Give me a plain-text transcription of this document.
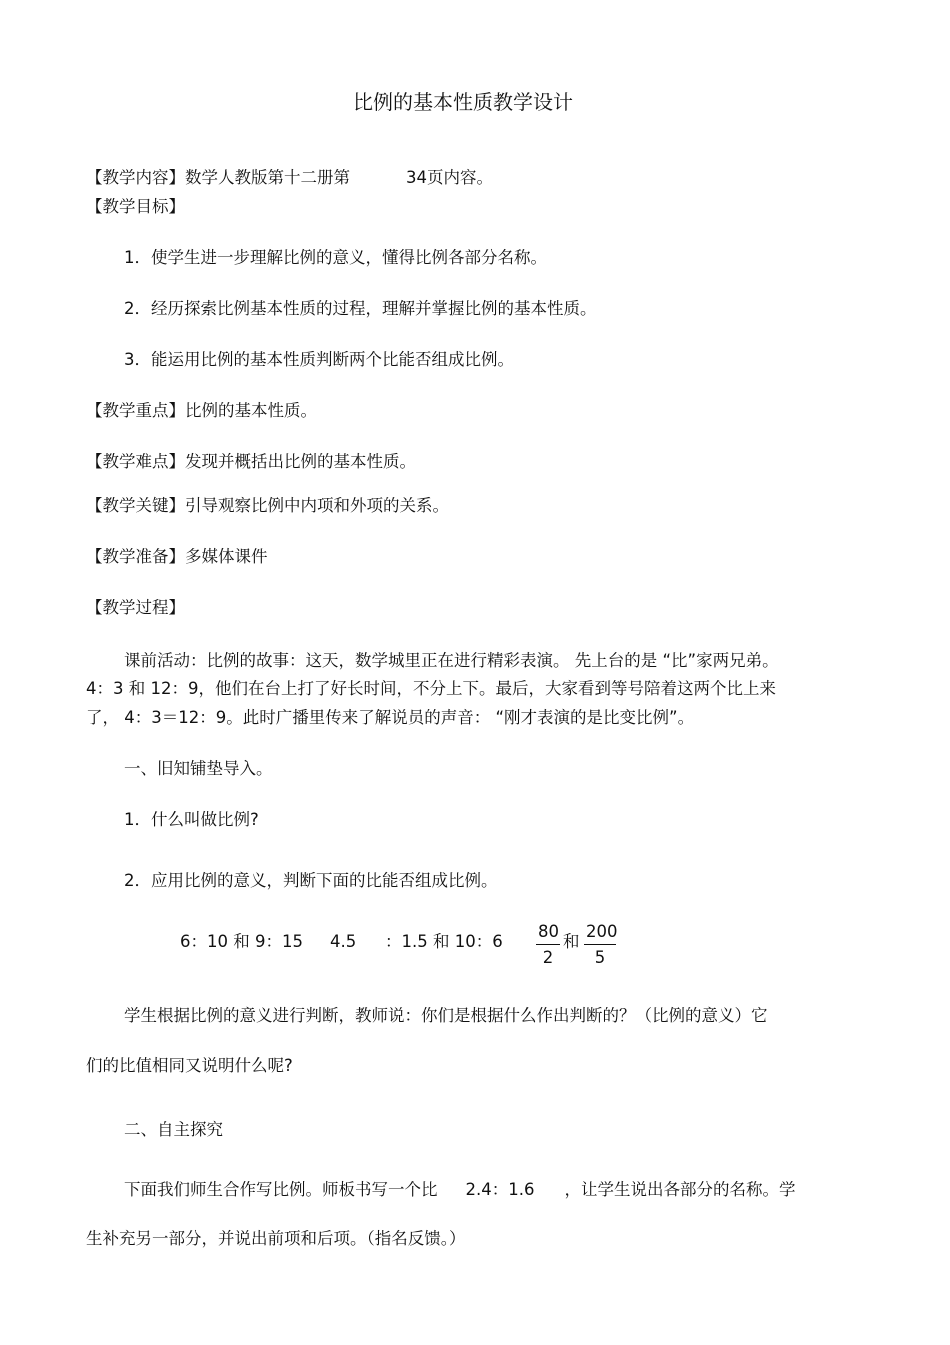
比例的基本性质教学设计
【教学内容】数学人教版第十二册第	34页内容。
【教学目标】
1．使学生进一步理解比例的意义，懂得比例各部分名称。
2．经历探索比例基本性质的过程，理解并掌握比例的基本性质。
3．能运用比例的基本性质判断两个比能否组成比例。
【教学重点】比例的基本性质。
【教学难点】发现并概括出比例的基本性质。
【教学关键】引导观察比例中内项和外项的关系。
【教学准备】多媒体课件
【教学过程】
课前活动：比例的故事：这天，数学城里正在进行精彩表演。 先上台的是 “比”家两兄弟。
4：3 和 12：9，他们在台上打了好长时间，不分上下。最后，大家看到等号陪着这两个比上来
了， 4：3＝12：9。此时广播里传来了解说员的声音： “刚才表演的是比变比例”。
一、旧知铺垫导入。
1．什么叫做比例?
2．应用比例的意义，判断下面的比能否组成比例。
6：10 和 9：15 4.5 ：1.5 和 10：6
80
2
和
200
5
学生根据比例的意义进行判断，教师说：你们是根据什么作出判断的？（比例的意义）它
们的比值相同又说明什么呢?
二、自主探究
下面我们师生合作写比例。师板书写一个比 2.4：1.6 ，让学生说出各部分的名称。学
生补充另一部分，并说出前项和后项。（指名反馈。）
